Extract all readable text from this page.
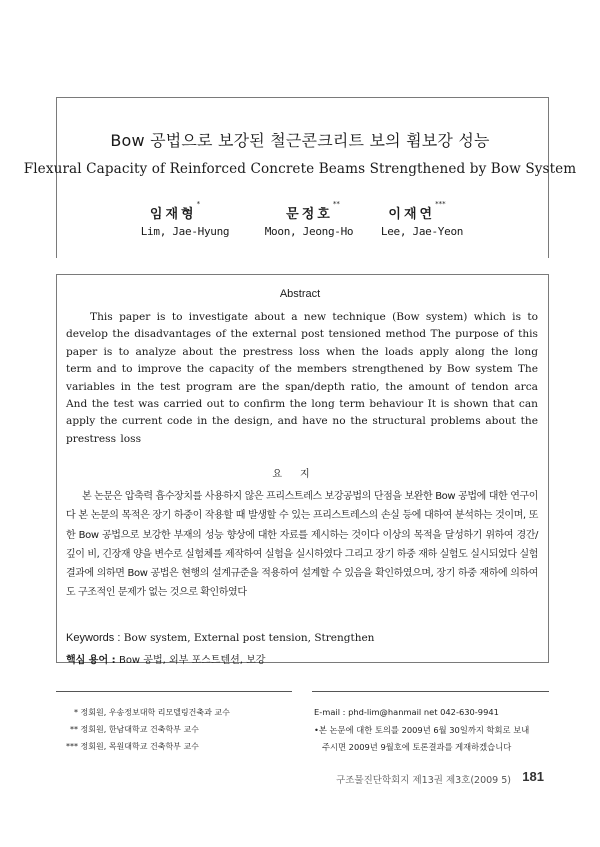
Bow 공법으로 보강된 철근콘크리트 보의 휨보강 성능
Flexural Capacity of Reinforced Concrete Beams Strengthened by Bow System
임재형*
문정호**
이재연***
Lim, Jae-Hyung	Moon, Jeong-Ho	Lee, Jae-Yeon
Abstract
This paper is to investigate about a new technique (Bow system) which is to develop the disadvantages of the external post tensioned method The purpose of this paper is to analyze about the prestress loss when the loads apply along the long term and to improve the capacity of the members strengthened by Bow system The variables in the test program are the span/depth ratio, the amount of tendon arca And the test was carried out to confirm the long term behaviour It is shown that can apply the current code in the design, and have no the structural problems about the prestress loss
요지
본 논문은 압축력 흡수장치를 사용하지 않은 프리스트레스 보강공법의 단점을 보완한 Bow 공법에 대한 연구이다 본 논문의 목적은 장기 하중이 작용할 때 발생할 수 있는 프리스트레스의 손실 등에 대하여 분석하는 것이며, 또한 Bow 공법으로 보강한 부재의 성능 향상에 대한 자료를 제시하는 것이다 이상의 목적을 달성하기 위하여 경간/깊이 비, 긴장재 양을 변수로 실험체를 제작하여 실험을 실시하였다 그리고 장기 하중 재하 실험도 실시되었다 실험결과에 의하면 Bow 공법은 현행의 설계규준을 적용하여 설계할 수 있음을 확인하였으며, 장기 하중 재하에 의하여도 구조적인 문제가 없는 것으로 확인하였다
Keywords : Bow system, External post tension, Strengthen
핵심 용어 : Bow 공법, 외부 포스트텐션, 보강
* 정회원, 우송정보대학 리모델링건축과 교수
** 정회원, 한남대학교 건축학부 교수
*** 정회원, 목원대학교 건축학부 교수
E-mail : phd-lim@hanmail net 042-630-9941
•본 논문에 대한 토의를 2009년 6월 30일까지 학회로 보내
주시면 2009년 9월호에 토론결과를 게재하겠습니다
구조물진단학회지 제13권 제3호(2009 5) 181
